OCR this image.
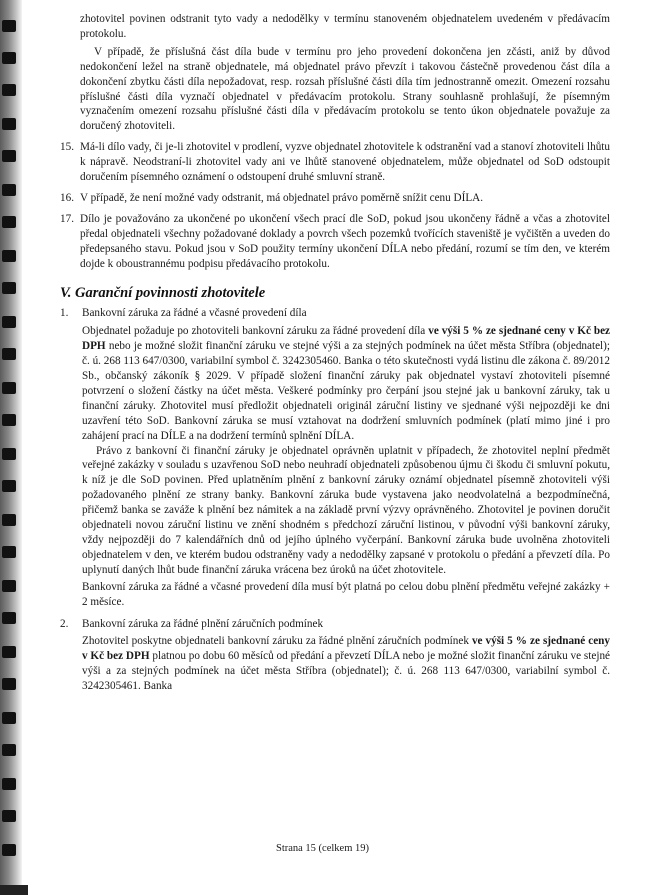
zhotovitel povinen odstranit tyto vady a nedodělky v termínu stanoveném objednatelem uvedeném v předávacím protokolu.

V případě, že příslušná část díla bude v termínu pro jeho provedení dokončena jen zčásti, aniž by důvod nedokončení ležel na straně objednatele, má objednatel právo převzít i takovou částečně provedenou část díla a dokončení zbytku části díla nepožadovat, resp. rozsah příslušné části díla tím jednostranně omezit. Omezení rozsahu příslušné části díla vyznačí objednatel v předávacím protokolu. Strany souhlasně prohlašují, že písemným vyznačením omezení rozsahu příslušné části díla v předávacím protokolu se tento úkon objednatele považuje za doručený zhotoviteli.

15. Má-li dílo vady, či je-li zhotovitel v prodlení, vyzve objednatel zhotovitele k odstranění vad a stanoví zhotoviteli lhůtu k nápravě. Neodstraní-li zhotovitel vady ani ve lhůtě stanovené objednatelem, může objednatel od SoD odstoupit doručením písemného oznámení o odstoupení druhé smluvní straně.
16. V případě, že není možné vady odstranit, má objednatel právo poměrně snížit cenu DÍLA.
17. Dílo je považováno za ukončené po ukončení všech prací dle SoD, pokud jsou ukončeny řádně a včas a zhotovitel předal objednateli všechny požadované doklady a povrch všech pozemků tvořících staveniště je vyčištěn a uveden do předepsaného stavu. Pokud jsou v SoD použity termíny ukončení DÍLA nebo předání, rozumí se tím den, ve kterém dojde k oboustrannému podpisu předávacího protokolu.
V. Garanční povinnosti zhotovitele
1. Bankovní záruka za řádné a včasné provedení díla

Objednatel požaduje po zhotoviteli bankovní záruku za řádné provedení díla ve výši 5 % ze sjednané ceny v Kč bez DPH nebo je možné složit finanční záruku ve stejné výši a za stejných podmínek na účet města Stříbra (objednatel); č. ú. 268 113 647/0300, variabilní symbol č. 3242305460. Banka o této skutečnosti vydá listinu dle zákona č. 89/2012 Sb., občanský zákoník § 2029. V případě složení finanční záruky pak objednatel vystaví zhotoviteli písemné potvrzení o složení částky na účet města. Veškeré podmínky pro čerpání jsou stejné jak u bankovní záruky, tak u finanční záruky. Zhotovitel musí předložit objednateli originál záruční listiny ve sjednané výši nejpozději ke dni uzavření této SoD. Bankovní záruka se musí vztahovat na dodržení smluvních podmínek (platí mimo jiné i pro zahájení prací na DÍLE a na dodržení termínů splnění DÍLA.

Právo z bankovní či finanční záruky je objednatel oprávněn uplatnit v případech, že zhotovitel neplní předmět veřejné zakázky v souladu s uzavřenou SoD nebo neuhradí objednateli způsobenou újmu či škodu či smluvní pokutu, k níž je dle SoD povinen. Před uplatněním plnění z bankovní záruky oznámí objednatel písemně zhotoviteli výši požadovaného plnění ze strany banky. Bankovní záruka bude vystavena jako neodvolatelná a bezpodmínečná, přičemž banka se zaváže k plnění bez námitek a na základě první výzvy oprávněného. Zhotovitel je povinen doručit objednateli novou záruční listinu ve znění shodném s předchozí záruční listinou, v původní výši bankovní záruky, vždy nejpozději do 7 kalendářních dnů od jejího úplného vyčerpání. Bankovní záruka bude uvolněna zhotoviteli objednatelem v den, ve kterém budou odstraněny vady a nedodělky zapsané v protokolu o předání a převzetí díla. Po uplynutí daných lhůt bude finanční záruka vrácena bez úroků na účet zhotovitele.

Bankovní záruka za řádné a včasné provedení díla musí být platná po celou dobu plnění předmětu veřejné zakázky + 2 měsíce.

2. Bankovní záruka za řádné plnění záručních podmínek

Zhotovitel poskytne objednateli bankovní záruku za řádné plnění záručních podmínek ve výši 5 % ze sjednané ceny v Kč bez DPH platnou po dobu 60 měsíců od předání a převzetí DÍLA nebo je možné složit finanční záruku ve stejné výši a za stejných podmínek na účet města Stříbra (objednatel); č. ú. 268 113 647/0300, variabilní symbol č. 3242305461. Banka

Strana 15 (celkem 19)
